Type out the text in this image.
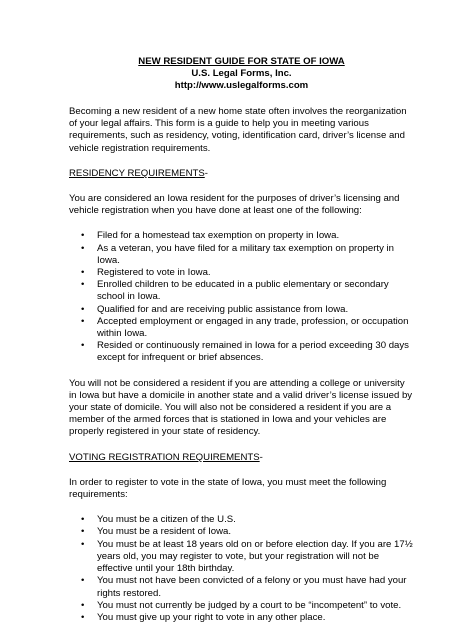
NEW RESIDENT GUIDE FOR STATE OF IOWA
U.S. Legal Forms, Inc.
http://www.uslegalforms.com

Becoming a new resident of a new home state often involves the reorganization of your legal affairs. This form is a guide to help you in meeting various requirements, such as residency, voting, identification card, driver’s license and vehicle registration requirements.

RESIDENCY REQUIREMENTS-

You are considered an Iowa resident for the purposes of driver’s licensing and vehicle registration when you have done at least one of the following:

• Filed for a homestead tax exemption on property in Iowa.
• As a veteran, you have filed for a military tax exemption on property in Iowa.
• Registered to vote in Iowa.
• Enrolled children to be educated in a public elementary or secondary school in Iowa.
• Qualified for and are receiving public assistance from Iowa.
• Accepted employment or engaged in any trade, profession, or occupation within Iowa.
• Resided or continuously remained in Iowa for a period exceeding 30 days except for infrequent or brief absences.

You will not be considered a resident if you are attending a college or university in Iowa but have a domicile in another state and a valid driver’s license issued by your state of domicile. You will also not be considered a resident if you are a member of the armed forces that is stationed in Iowa and your vehicles are properly registered in your state of residency.

VOTING REGISTRATION REQUIREMENTS-

In order to register to vote in the state of Iowa, you must meet the following requirements:

• You must be a citizen of the U.S.
• You must be a resident of Iowa.
• You must be at least 18 years old on or before election day. If you are 17½ years old, you may register to vote, but your registration will not be effective until your 18th birthday.
• You must not have been convicted of a felony or you must have had your rights restored.
• You must not currently be judged by a court to be “incompetent” to vote.
• You must give up your right to vote in any other place.
